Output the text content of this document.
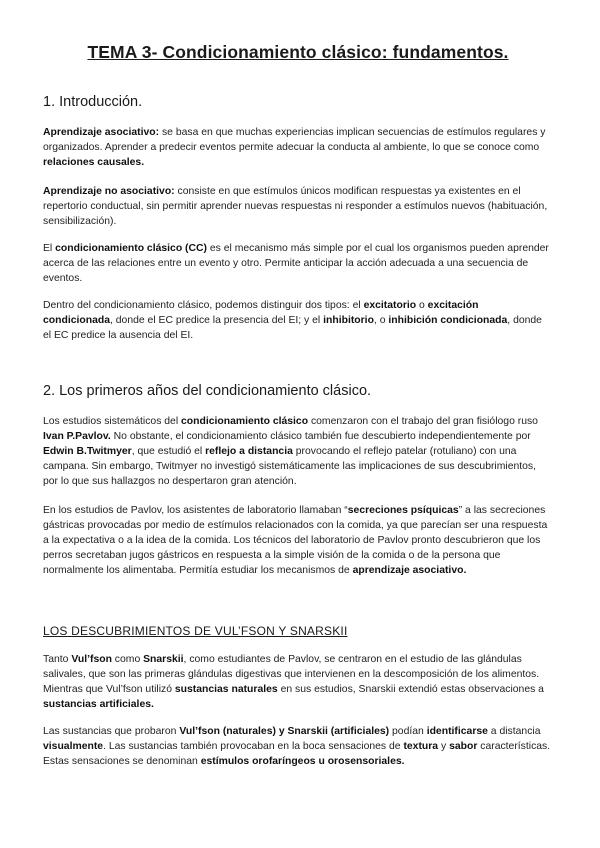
TEMA 3- Condicionamiento clásico: fundamentos.
1. Introducción.

Aprendizaje asociativo: se basa en que muchas experiencias implican secuencias de estímulos regulares y organizados. Aprender a predecir eventos permite adecuar la conducta al ambiente, lo que se conoce como relaciones causales.

Aprendizaje no asociativo: consiste en que estímulos únicos modifican respuestas ya existentes en el repertorio conductual, sin permitir aprender nuevas respuestas ni responder a estímulos nuevos (habituación, sensibilización).

El condicionamiento clásico (CC) es el mecanismo más simple por el cual los organismos pueden aprender acerca de las relaciones entre un evento y otro. Permite anticipar la acción adecuada a una secuencia de eventos.

Dentro del condicionamiento clásico, podemos distinguir dos tipos: el excitatorio o excitación condicionada, donde el EC predice la presencia del EI; y el inhibitorio, o inhibición condicionada, donde el EC predice la ausencia del EI.

2. Los primeros años del condicionamiento clásico.

Los estudios sistemáticos del condicionamiento clásico comenzaron con el trabajo del gran fisiólogo ruso Ivan P.Pavlov. No obstante, el condicionamiento clásico también fue descubierto independientemente por Edwin B.Twitmyer, que estudió el reflejo a distancia provocando el reflejo patelar (rotuliano) con una campana. Sin embargo, Twitmyer no investigó sistemáticamente las implicaciones de sus descubrimientos, por lo que sus hallazgos no despertaron gran atención.

En los estudios de Pavlov, los asistentes de laboratorio llamaban “secreciones psíquicas” a las secreciones gástricas provocadas por medio de estímulos relacionados con la comida, ya que parecían ser una respuesta a la expectativa o a la idea de la comida. Los técnicos del laboratorio de Pavlov pronto descubrieron que los perros secretaban jugos gástricos en respuesta a la simple visión de la comida o de la persona que normalmente los alimentaba. Permitía estudiar los mecanismos de aprendizaje asociativo.

LOS DESCUBRIMIENTOS DE VUL’FSON Y SNARSKII

Tanto Vul’fson como Snarskii, como estudiantes de Pavlov, se centraron en el estudio de las glándulas salivales, que son las primeras glándulas digestivas que intervienen en la descomposición de los alimentos. Mientras que Vul’fson utilizó sustancias naturales en sus estudios, Snarskii extendió estas observaciones a sustancias artificiales.

Las sustancias que probaron Vul’fson (naturales) y Snarskii (artificiales) podían identificarse a distancia visualmente. Las sustancias también provocaban en la boca sensaciones de textura y sabor características. Estas sensaciones se denominan estímulos orofaríngeos u orosensoriales.
